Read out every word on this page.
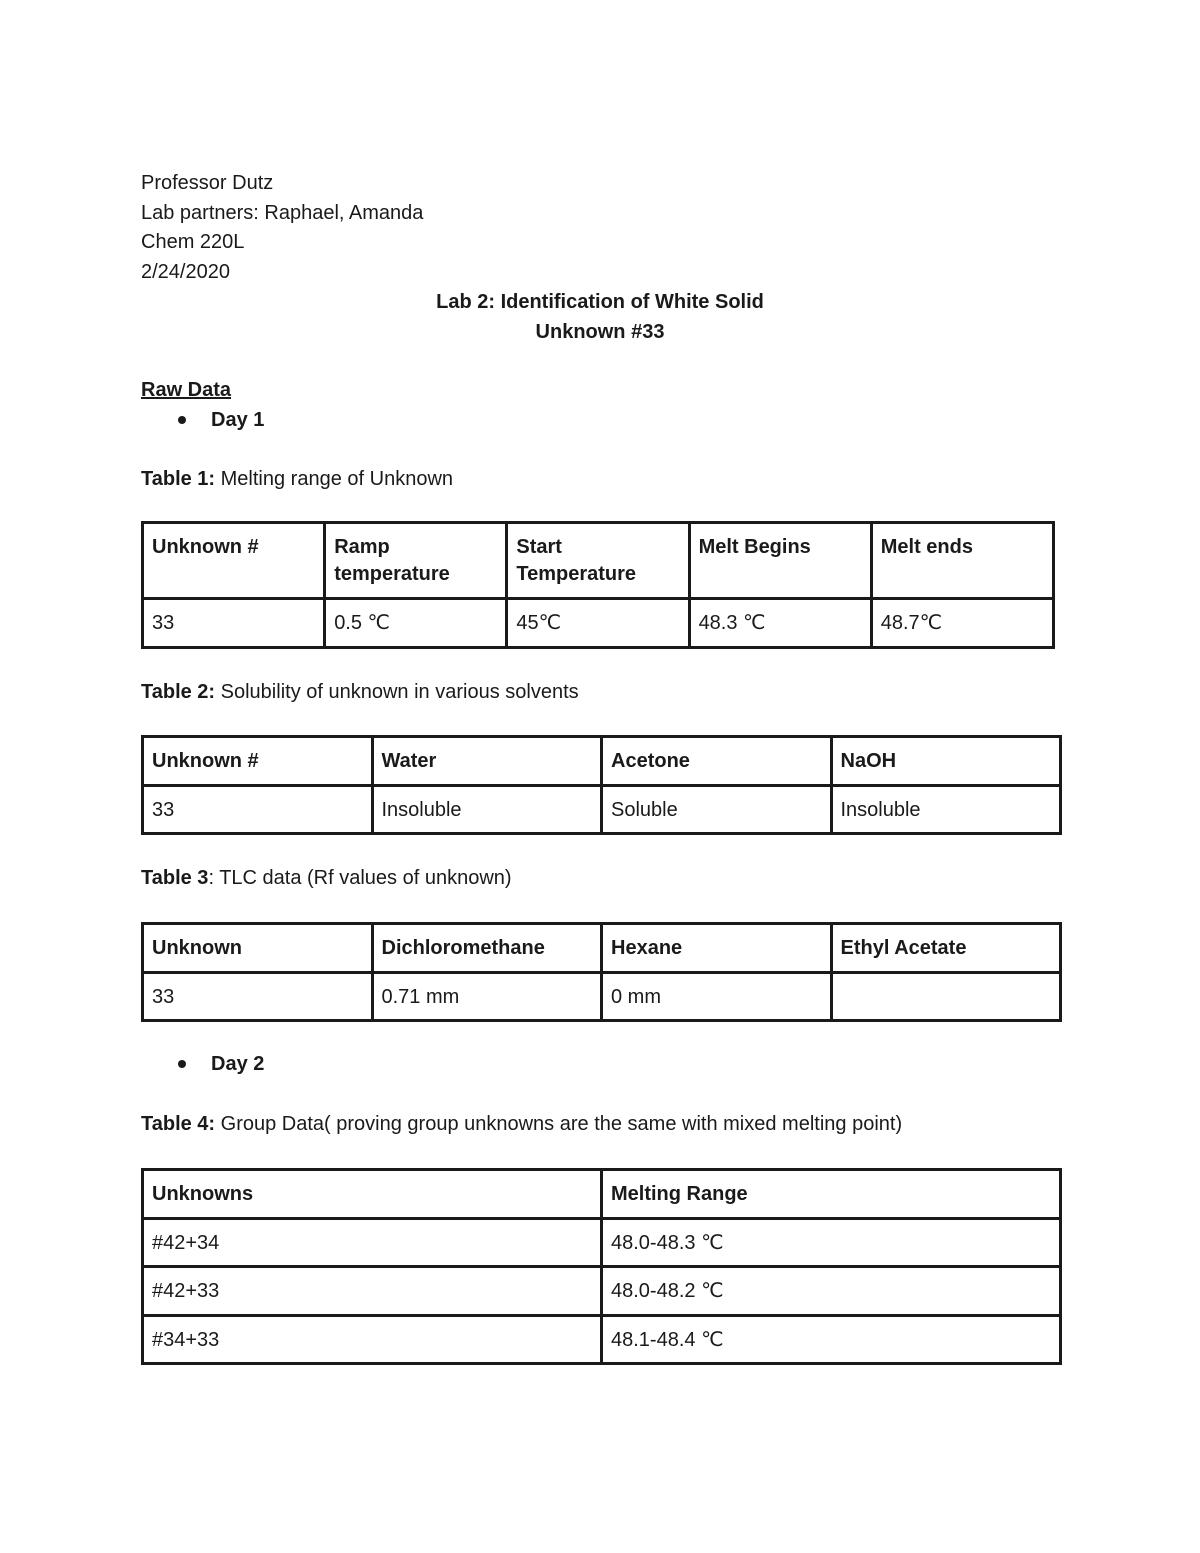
Professor Dutz
Lab partners: Raphael, Amanda
Chem 220L
2/24/2020
Lab 2: Identification of White Solid
Unknown #33
Raw Data
Day 1
Table 1: Melting range of Unknown
Unknown #	Ramp temperature	Start Temperature	Melt Begins	Melt ends
33	0.5 ℃	45℃	48.3 ℃	48.7℃
Table 2: Solubility of unknown in various solvents
Unknown #	Water	Acetone	NaOH
33	Insoluble	Soluble	Insoluble
Table 3: TLC data (Rf values of unknown)
Unknown	Dichloromethane	Hexane	Ethyl Acetate
33	0.71 mm	0 mm	
Day 2
Table 4: Group Data( proving group unknowns are the same with mixed melting point)
Unknowns	Melting Range
#42+34	48.0-48.3 ℃
#42+33	48.0-48.2 ℃
#34+33	48.1-48.4 ℃
